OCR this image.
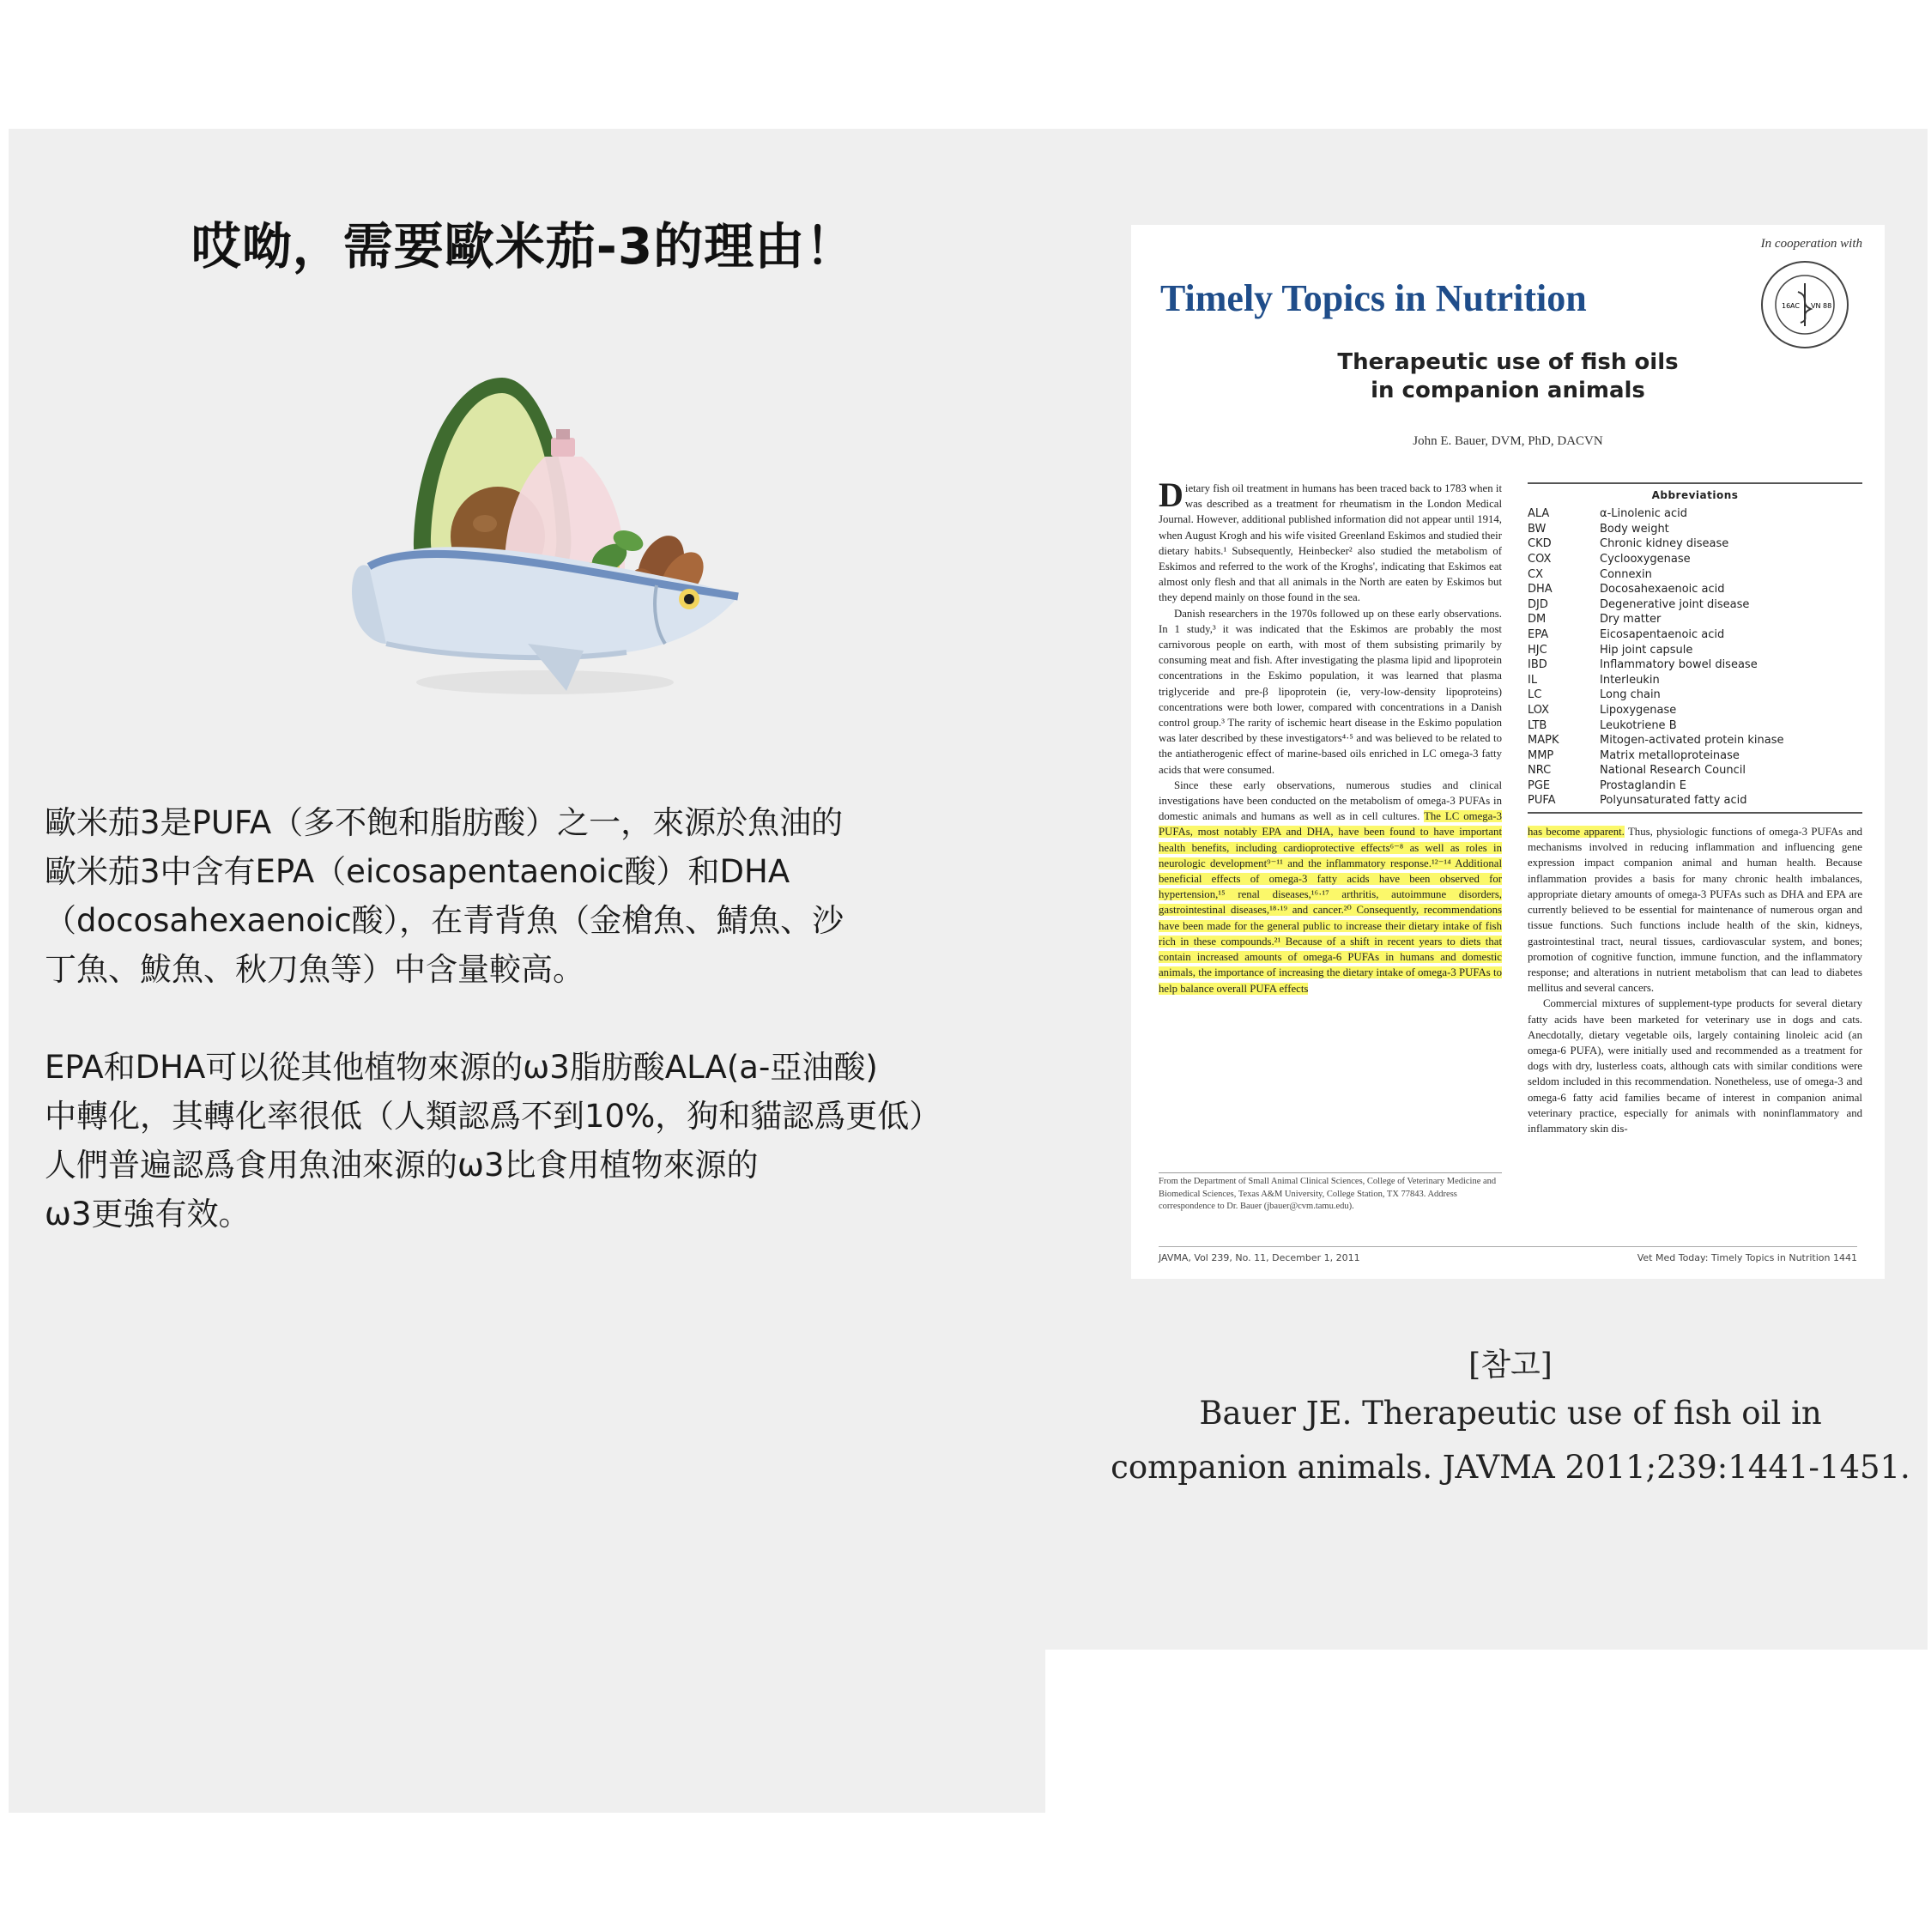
哎呦，需要歐米茄-3的理由！
歐米茄3是PUFA（多不飽和脂肪酸）之一，來源於魚油的
歐米茄3中含有EPA（eicosapentaenoic酸）和DHA
（docosahexaenoic酸），在青背魚（金槍魚、鯖魚、沙
丁魚、鮁魚、秋刀魚等）中含量較高。
EPA和DHA可以從其他植物來源的ω3脂肪酸ALA(a-亞油酸)
中轉化，其轉化率很低（人類認爲不到10%，狗和貓認爲更低）
人們普遍認爲食用魚油來源的ω3比食用植物來源的
ω3更強有效。
In cooperation with
16 AC VN 88
Timely Topics in Nutrition
Therapeutic use of fish oils
in companion animals
John E. Bauer, DVM, PhD, DACVN

Dietary fish oil treatment in humans has been traced back to 1783 when it was described as a treatment for rheumatism in the London Medical Journal. However, additional published information did not appear until 1914, when August Krogh and his wife visited Greenland Eskimos and studied their dietary habits.¹ Subsequently, Heinbecker² also studied the metabolism of Eskimos and referred to the work of the Kroghs', indicating that Eskimos eat almost only flesh and that all animals in the North are eaten by Eskimos but they depend mainly on those found in the sea.

Danish researchers in the 1970s followed up on these early observations. In 1 study,³ it was indicated that the Eskimos are probably the most carnivorous people on earth, with most of them subsisting primarily by consuming meat and fish. After investigating the plasma lipid and lipoprotein concentrations in the Eskimo population, it was learned that plasma triglyceride and pre-β lipoprotein (ie, very-low-density lipoproteins) concentrations were both lower, compared with concentrations in a Danish control group.³ The rarity of ischemic heart disease in the Eskimo population was later described by these investigators⁴·⁵ and was believed to be related to the antiatherogenic effect of marine-based oils enriched in LC omega-3 fatty acids that were consumed.

Since these early observations, numerous studies and clinical investigations have been conducted on the metabolism of omega-3 PUFAs in domestic animals and humans as well as in cell cultures. The LC omega-3 PUFAs, most notably EPA and DHA, have been found to have important health benefits, including cardioprotective effects⁶⁻⁸ as well as roles in neurologic development⁹⁻¹¹ and the inflammatory response.¹²⁻¹⁴ Additional beneficial effects of omega-3 fatty acids have been observed for hypertension,¹⁵ renal diseases,¹⁶·¹⁷ arthritis, autoimmune disorders, gastrointestinal diseases,¹⁸·¹⁹ and cancer.²⁰ Consequently, recommendations have been made for the general public to increase their dietary intake of fish rich in these compounds.²¹ Because of a shift in recent years to diets that contain increased amounts of omega-6 PUFAs in humans and domestic animals, the importance of increasing the dietary intake of omega-3 PUFAs to help balance overall PUFA effects

From the Department of Small Animal Clinical Sciences, College of Veterinary Medicine and Biomedical Sciences, Texas A&M University, College Station, TX 77843. Address correspondence to Dr. Bauer (jbauer@cvm.tamu.edu).
Abbreviations
ALA	α-Linolenic acid
BW	Body weight
CKD	Chronic kidney disease
COX	Cyclooxygenase
CX	Connexin
DHA	Docosahexaenoic acid
DJD	Degenerative joint disease
DM	Dry matter
EPA	Eicosapentaenoic acid
HJC	Hip joint capsule
IBD	Inflammatory bowel disease
IL	Interleukin
LC	Long chain
LOX	Lipoxygenase
LTB	Leukotriene B
MAPK	Mitogen-activated protein kinase
MMP	Matrix metalloproteinase
NRC	National Research Council
PGE	Prostaglandin E
PUFA	Polyunsaturated fatty acid

has become apparent. Thus, physiologic functions of omega-3 PUFAs and mechanisms involved in reducing inflammation and influencing gene expression impact companion animal and human health. Because inflammation provides a basis for many chronic health imbalances, appropriate dietary amounts of omega-3 PUFAs such as DHA and EPA are currently believed to be essential for maintenance of numerous organ and tissue functions. Such functions include health of the skin, kidneys, gastrointestinal tract, neural tissues, cardiovascular system, and bones; promotion of cognitive function, immune function, and the inflammatory response; and alterations in nutrient metabolism that can lead to diabetes mellitus and several cancers.

Commercial mixtures of supplement-type products for several dietary fatty acids have been marketed for veterinary use in dogs and cats. Anecdotally, dietary vegetable oils, largely containing linoleic acid (an omega-6 PUFA), were initially used and recommended as a treatment for dogs with dry, lusterless coats, although cats with similar conditions were seldom included in this recommendation. Nonetheless, use of omega-3 and omega-6 fatty acid families became of interest in companion animal veterinary practice, especially for animals with noninflammatory and inflammatory skin dis-

JAVMA, Vol 239, No. 11, December 1, 2011	Vet Med Today: Timely Topics in Nutrition 1441
[참고]
Bauer JE. Therapeutic use of fish oil in
companion animals. JAVMA 2011;239:1441-1451.
